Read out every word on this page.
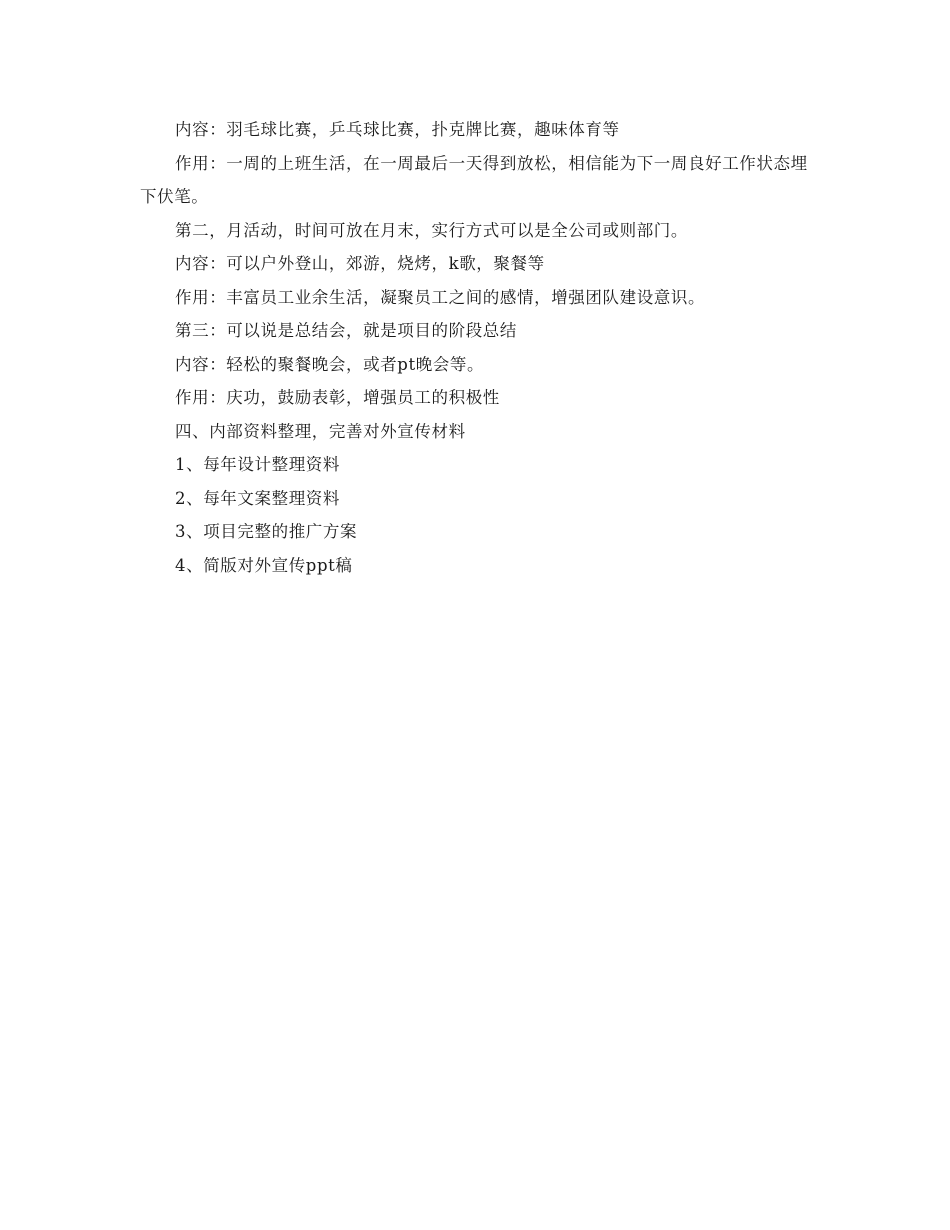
内容：羽毛球比赛，乒乓球比赛，扑克牌比赛，趣味体育等

作用：一周的上班生活，在一周最后一天得到放松，相信能为下一周良好工作状态埋下伏笔。

第二，月活动，时间可放在月末，实行方式可以是全公司或则部门。

内容：可以户外登山，郊游，烧烤，k歌，聚餐等

作用：丰富员工业余生活，凝聚员工之间的感情，增强团队建设意识。

第三：可以说是总结会，就是项目的阶段总结

内容：轻松的聚餐晚会，或者pt晚会等。

作用：庆功，鼓励表彰，增强员工的积极性

四、内部资料整理，完善对外宣传材料

1、每年设计整理资料

2、每年文案整理资料

3、项目完整的推广方案

4、简版对外宣传ppt稿
